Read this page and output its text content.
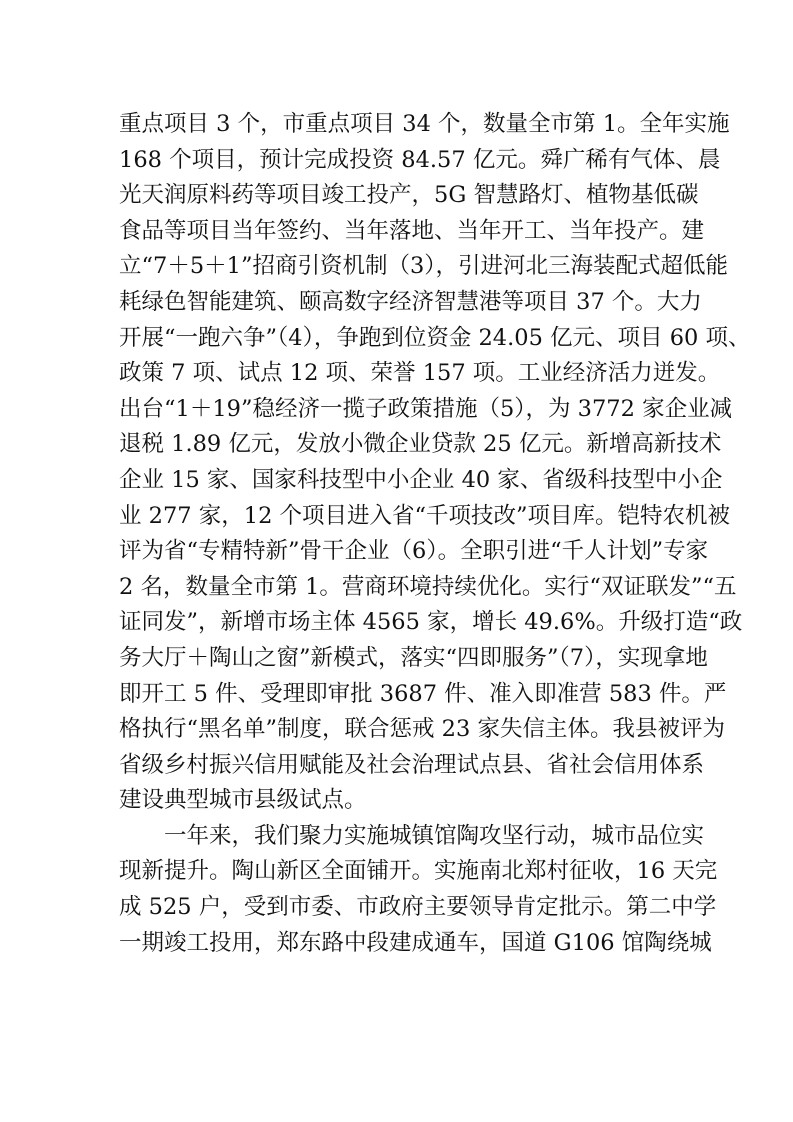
重点项目 3 个，市重点项目 34 个，数量全市第 1。全年实施
168 个项目，预计完成投资 84.57 亿元。舜广稀有气体、晨
光天润原料药等项目竣工投产，5G 智慧路灯、植物基低碳
食品等项目当年签约、当年落地、当年开工、当年投产。建
立“7＋5＋1”招商引资机制（3），引进河北三海装配式超低能
耗绿色智能建筑、颐高数字经济智慧港等项目 37 个。大力
开展“一跑六争”（4），争跑到位资金 24.05 亿元、项目 60 项、
政策 7 项、试点 12 项、荣誉 157 项。工业经济活力迸发。
出台“1＋19”稳经济一揽子政策措施（5），为 3772 家企业减
退税 1.89 亿元，发放小微企业贷款 25 亿元。新增高新技术
企业 15 家、国家科技型中小企业 40 家、省级科技型中小企
业 277 家，12 个项目进入省“千项技改”项目库。铠特农机被
评为省“专精特新”骨干企业（6）。全职引进“千人计划”专家
2 名，数量全市第 1。营商环境持续优化。实行“双证联发”“五
证同发”，新增市场主体 4565 家，增长 49.6%。升级打造“政
务大厅＋陶山之窗”新模式，落实“四即服务”（7），实现拿地
即开工 5 件、受理即审批 3687 件、准入即准营 583 件。严
格执行“黑名单”制度，联合惩戒 23 家失信主体。我县被评为
省级乡村振兴信用赋能及社会治理试点县、省社会信用体系
建设典型城市县级试点。
一年来，我们聚力实施城镇馆陶攻坚行动，城市品位实
现新提升。陶山新区全面铺开。实施南北郑村征收，16 天完
成 525 户，受到市委、市政府主要领导肯定批示。第二中学
一期竣工投用，郑东路中段建成通车，国道 G106 馆陶绕城
